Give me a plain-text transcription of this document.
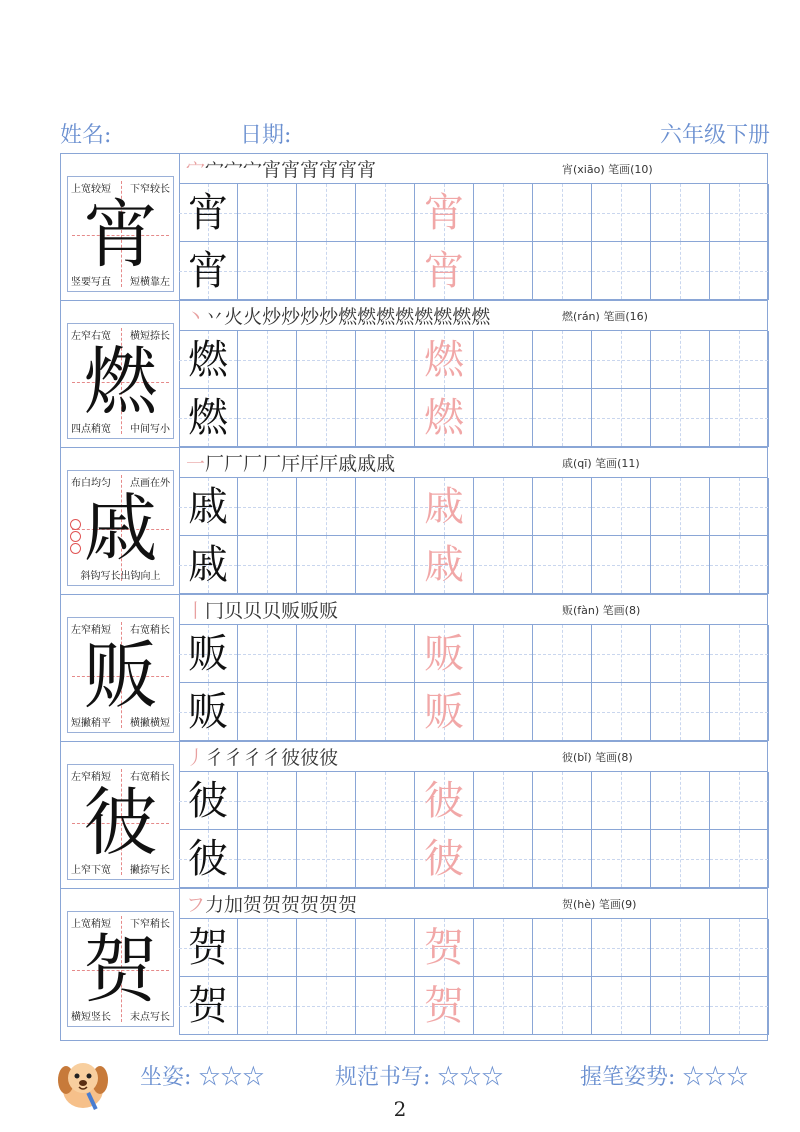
姓名:	日期:	六年级下册
宵
上宽较短 下窄较长
竖要写直 短横靠左
宀宀宀宀宵宵宵宵宵宵	宵(xiāo) 笔画(10)
宵	宵
宵	宵
燃
左窄右宽 横短捺长
四点稍宽 中间写小
丶丷火火炒炒炒炒燃燃燃燃燃燃燃燃	燃(rán) 笔画(16)
燃	燃
燃	燃
戚
布白均匀 点画在外
斜钩写长出钩向上
一厂厂厂厂厈厈厈戚戚戚	戚(qī) 笔画(11)
戚	戚
戚	戚
贩
左窄稍短 右宽稍长
短撇稍平 横撇横短
丨冂贝贝贝贩贩贩	贩(fàn) 笔画(8)
贩	贩
贩	贩
彼
左窄稍短 右宽稍长
上窄下宽 撇捺写长
丿彳彳彳彳彼彼彼	彼(bǐ) 笔画(8)
彼	彼
彼	彼
贺
上宽稍短 下窄稍长
横短竖长 末点写长
フ力加贺贺贺贺贺贺	贺(hè) 笔画(9)
贺	贺
贺	贺
坐姿: ☆☆☆	规范书写: ☆☆☆	握笔姿势: ☆☆☆
2
